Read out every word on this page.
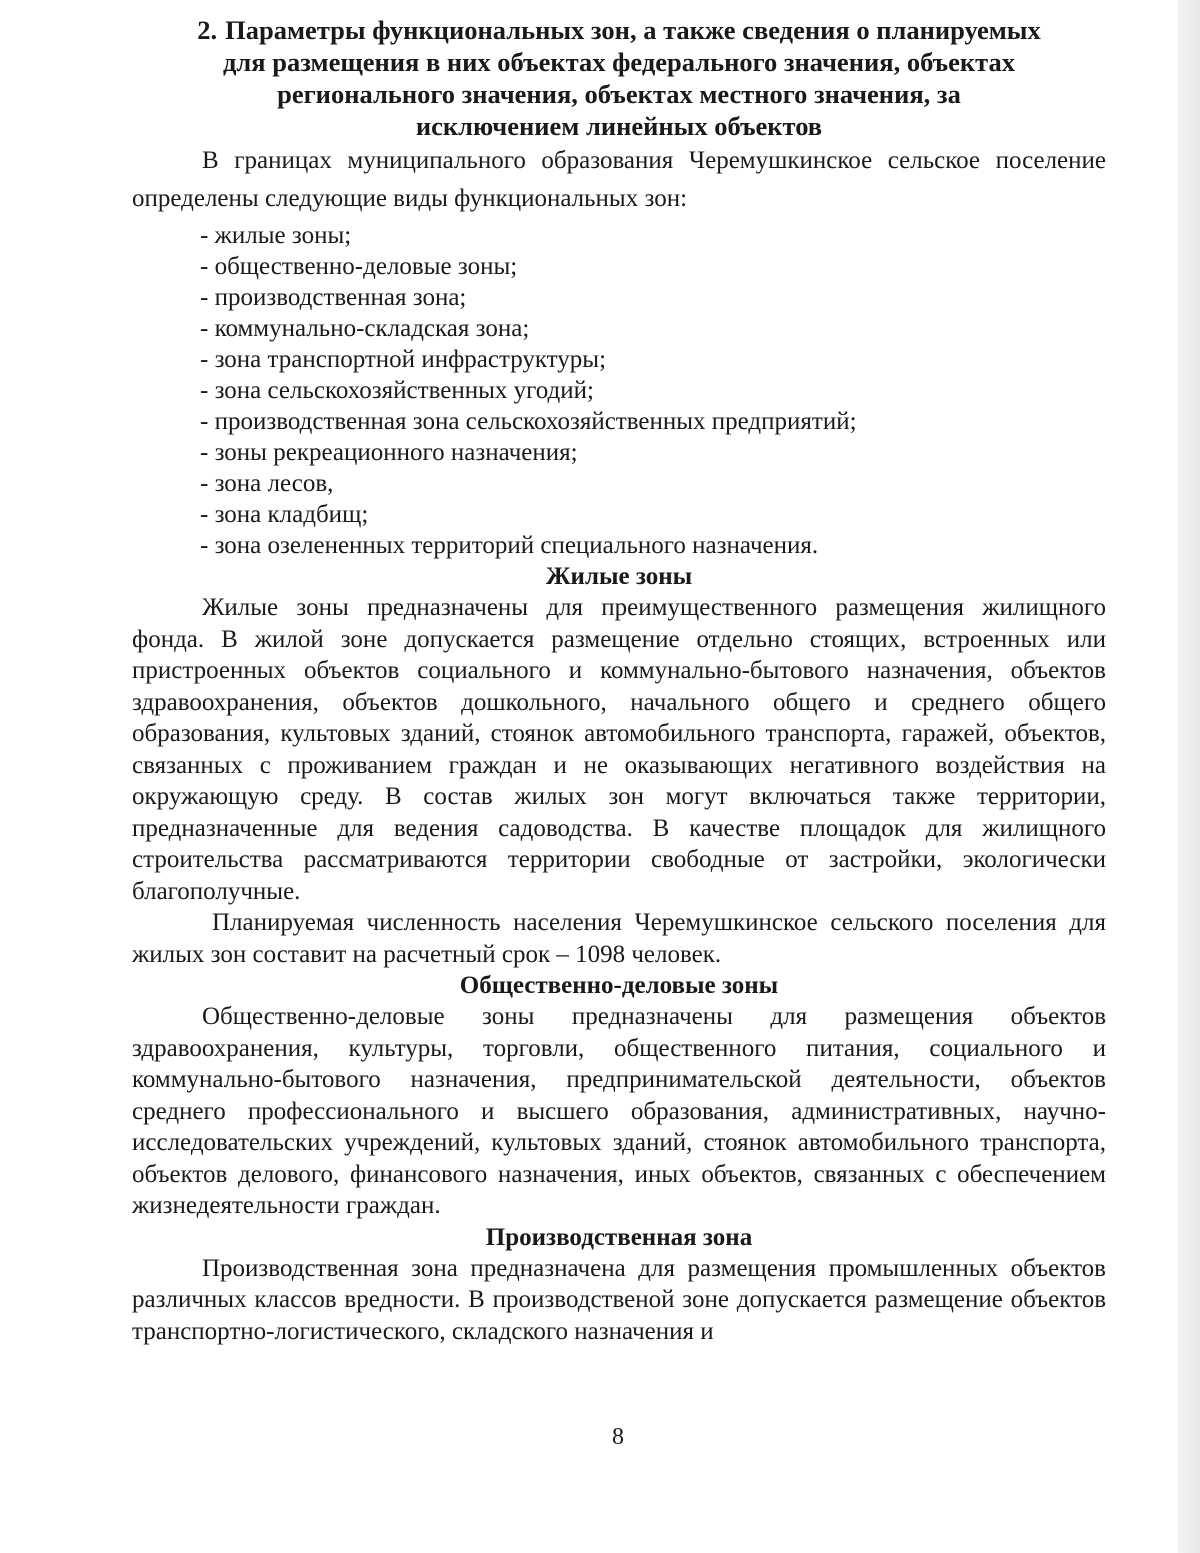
2. Параметры функциональных зон, а также сведения о планируемых
для размещения в них объектах федерального значения, объектах
регионального значения, объектах местного значения, за
исключением линейных объектов

В границах муниципального образования Черемушкинское сельское поселение определены следующие виды функциональных зон:

- жилые зоны;
- общественно-деловые зоны;
- производственная зона;
- коммунально-складская зона;
- зона транспортной инфраструктуры;
- зона сельскохозяйственных угодий;
- производственная зона сельскохозяйственных предприятий;
- зоны рекреационного назначения;
- зона лесов,
- зона кладбищ;
- зона озелененных территорий специального назначения.
Жилые зоны

Жилые зоны предназначены для преимущественного размещения жилищного фонда. В жилой зоне допускается размещение отдельно стоящих, встроенных или пристроенных объектов социального и коммунально-бытового назначения, объектов здравоохранения, объектов дошкольного, начального общего и среднего общего образования, культовых зданий, стоянок автомобильного транспорта, гаражей, объектов, связанных с проживанием граждан и не оказывающих негативного воздействия на окружающую среду. В состав жилых зон могут включаться также территории, предназначенные для ведения садоводства. В качестве площадок для жилищного строительства рассматриваются территории свободные от застройки, экологически благополучные.

Планируемая численность населения Черемушкинское сельского поселения для жилых зон составит на расчетный срок – 1098 человек.

Общественно-деловые зоны

Общественно-деловые зоны предназначены для размещения объектов здравоохранения, культуры, торговли, общественного питания, социального и коммунально-бытового назначения, предпринимательской деятельности, объектов среднего профессионального и высшего образования, административных, научно-исследовательских учреждений, культовых зданий, стоянок автомобильного транспорта, объектов делового, финансового назначения, иных объектов, связанных с обеспечением жизнедеятельности граждан.

Производственная зона

Производственная зона предназначена для размещения промышленных объектов различных классов вредности. В производственой зоне допускается размещение объектов транспортно-логистического, складского назначения и

8
